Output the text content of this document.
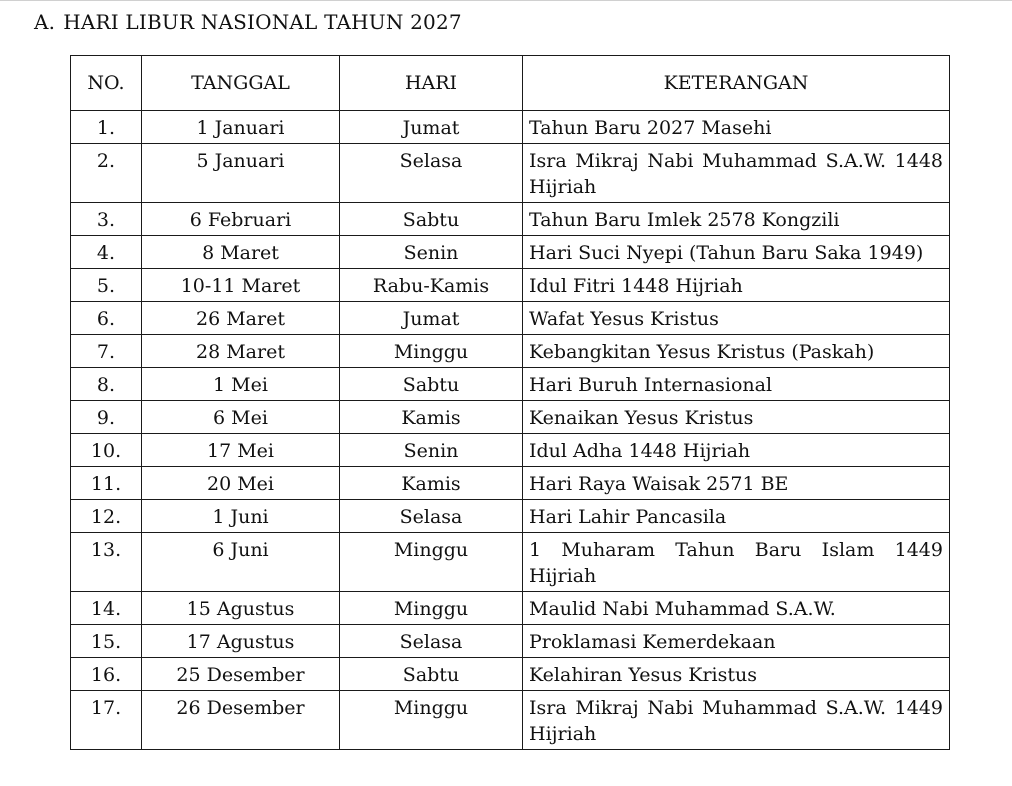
A. HARI LIBUR NASIONAL TAHUN 2027
NO.	TANGGAL	HARI	KETERANGAN
1.	1 Januari	Jumat	Tahun Baru 2027 Masehi
2.	5 Januari	Selasa	Isra Mikraj Nabi Muhammad S.A.W. 1448 Hijriah
3.	6 Februari	Sabtu	Tahun Baru Imlek 2578 Kongzili
4.	8 Maret	Senin	Hari Suci Nyepi (Tahun Baru Saka 1949)
5.	10-11 Maret	Rabu-Kamis	Idul Fitri 1448 Hijriah
6.	26 Maret	Jumat	Wafat Yesus Kristus
7.	28 Maret	Minggu	Kebangkitan Yesus Kristus (Paskah)
8.	1 Mei	Sabtu	Hari Buruh Internasional
9.	6 Mei	Kamis	Kenaikan Yesus Kristus
10.	17 Mei	Senin	Idul Adha 1448 Hijriah
11.	20 Mei	Kamis	Hari Raya Waisak 2571 BE
12.	1 Juni	Selasa	Hari Lahir Pancasila
13.	6 Juni	Minggu	1 Muharam Tahun Baru Islam 1449 Hijriah
14.	15 Agustus	Minggu	Maulid Nabi Muhammad S.A.W.
15.	17 Agustus	Selasa	Proklamasi Kemerdekaan
16.	25 Desember	Sabtu	Kelahiran Yesus Kristus
17.	26 Desember	Minggu	Isra Mikraj Nabi Muhammad S.A.W. 1449 Hijriah
